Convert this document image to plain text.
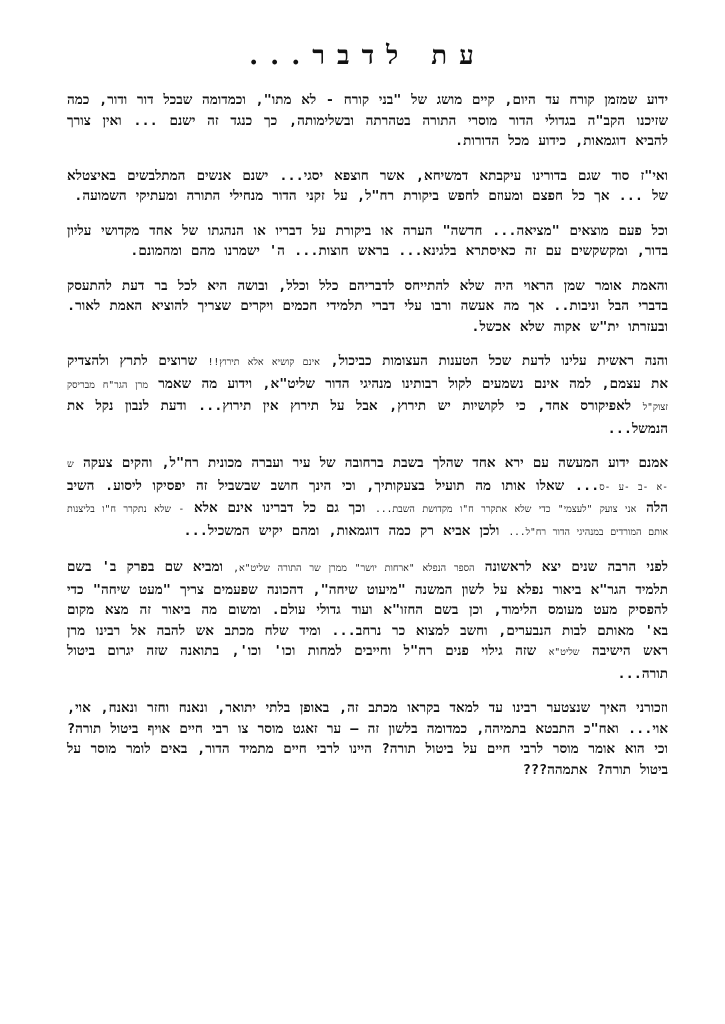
עת לדבר...

ידוע שמזמן קורח עד היום, קיים מושג של "בני קורח - לא מתו", וכמדומה שבכל דור ודור, כמה שזיכנו הקב"ה בגדולי הדור מוסרי התורה בטהרתה ובשלימותה, כך כנגד זה ישנם ... ואין צורך להביא דוגמאות, כידוע מכל הדורות.

ואי"ז סוד שגם בדורינו עיקבתא דמשיחא, אשר חוצפא יסגי... ישנם אנשים המתלבשים באיצטלא של ... אך כל חפצם ומעוזם לחפש ביקורת רח"ל, על זקני הדור מנחילי התורה ומעתיקי השמועה.

וכל פעם מוצאים "מציאה... חדשה" הערה או ביקורת על דבריו או הנהגתו של אחד מקדושי עליון בדור, ומקשקשים עם זה כאיסתרא בלגינא... בראש חוצות... ה' ישמרנו מהם ומהמונם.

והאמת אומר שמן הראוי היה שלא להתייחס לדבריהם כלל וכלל, ובושה היא לכל בר דעת להתעסק בדברי הבל וניבות.. אך מה אעשה ורבו עלי דברי תלמידי חכמים ויקרים שצריך להוציא האמת לאור. ובעזרתו ית"ש אקוה שלא אכשל.

והנה ראשית עלינו לדעת שכל הטענות העצומות כביכול, אינם קושיא אלא תירוץ!! שרוצים לתרץ ולהצדיק את עצמם, למה אינם נשמעים לקול רבותינו מנהיגי הדור שליט"א, וידוע מה שאמר מרן הגר"ח מבריסק זצוק"ל לאפיקורס אחד, כי לקושיות יש תירוץ, אבל על תירוץ אין תירוץ... ודעת לנבון נקל את הנמשל...

אמנם ידוע המעשה עם ירא אחד שהלך בשבת ברחובה של עיר ועברה מכונית רח"ל, והקים צעקה ש -א -ב -ע -ס... שאלו אותו מה תועיל בצעקותיך, וכי הינך חושב שבשביל זה יפסיקו ליסוע. השיב הלה אני צועק "לעצמי" כדי שלא אתקרר ח"ו מקדושת השבת... וכך גם כל דברינו אינם אלא - שלא נתקרר ח"ו בליצנות אותם המורדים במנהיגי הדור רח"ל... ולכן אביא רק כמה דוגמאות, ומהם יקיש המשכיל...

לפני הרבה שנים יצא לראשונה הספר הנפלא "ארחות יושר" ממרן שר התורה שליט"א, ומביא שם בפרק ב' בשם תלמיד הגר"א ביאור נפלא על לשון המשנה "מיעוט שיחה", דהכונה שפעמים צריך "מעט שיחה" כדי להפסיק מעט מעומס הלימוד, וכן בשם החזו"א ועוד גדולי עולם. ומשום מה ביאור זה מצא מקום בא' מאותם לבות הנבערים, וחשב למצוא כר נרחב... ומיד שלח מכתב אש להבה אל רבינו מרן ראש הישיבה שליט"א שזה גילוי פנים רח"ל וחייבים למחות וכו' וכו', בתואנה שזה יגרום ביטול תורה...

וזכורני האיך שנצטער רבינו עד למאד בקראו מכתב זה, באופן בלתי יתואר, ונאנח וחזר ונאנח, אוי, אוי... ואח"כ התבטא בתמיהה, כמדומה בלשון זה – ער זאגט מוסר צו רבי חיים אויף ביטול תורה? וכי הוא אומר מוסר לרבי חיים על ביטול תורה? היינו לרבי חיים מתמיד הדור, באים לומר מוסר על ביטול תורה? אתמהה???
